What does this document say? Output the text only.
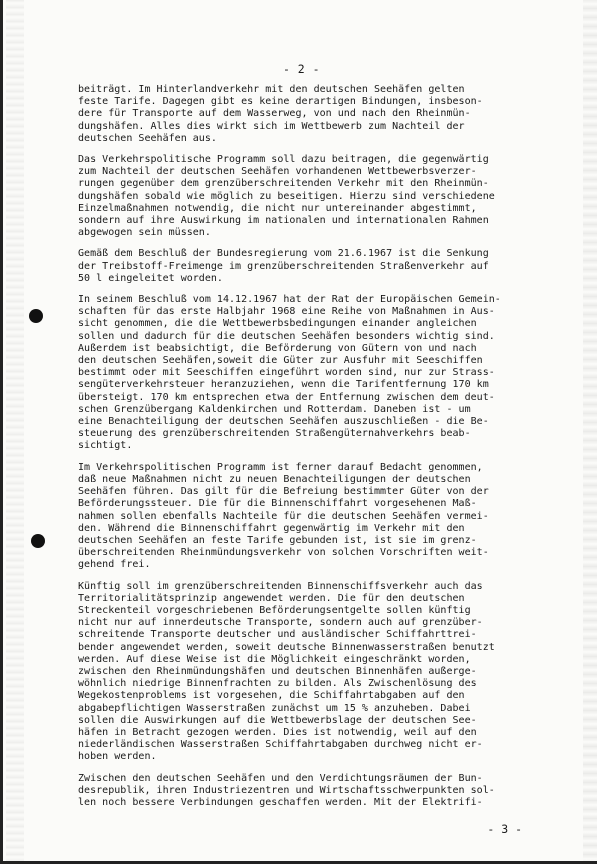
- 2 -

beiträgt. Im Hinterlandverkehr mit den deutschen Seehäfen gelten
feste Tarife. Dagegen gibt es keine derartigen Bindungen, insbeson-
dere für Transporte auf dem Wasserweg, von und nach den Rheinmün-
dungshäfen. Alles dies wirkt sich im Wettbewerb zum Nachteil der
deutschen Seehäfen aus.

Das Verkehrspolitische Programm soll dazu beitragen, die gegenwärtig
zum Nachteil der deutschen Seehäfen vorhandenen Wettbewerbsverzer-
rungen gegenüber dem grenzüberschreitenden Verkehr mit den Rheinmün-
dungshäfen sobald wie möglich zu beseitigen. Hierzu sind verschiedene
Einzelmaßnahmen notwendig, die nicht nur untereinander abgestimmt,
sondern auf ihre Auswirkung im nationalen und internationalen Rahmen
abgewogen sein müssen.

Gemäß dem Beschluß der Bundesregierung vom 21.6.1967 ist die Senkung
der Treibstoff-Freimenge im grenzüberschreitenden Straßenverkehr auf
50 l eingeleitet worden.

In seinem Beschluß vom 14.12.1967 hat der Rat der Europäischen Gemein-
schaften für das erste Halbjahr 1968 eine Reihe von Maßnahmen in Aus-
sicht genommen, die die Wettbewerbsbedingungen einander angleichen
sollen und dadurch für die deutschen Seehäfen besonders wichtig sind.
Außerdem ist beabsichtigt, die Beförderung von Gütern von und nach
den deutschen Seehäfen,soweit die Güter zur Ausfuhr mit Seeschiffen
bestimmt oder mit Seeschiffen eingeführt worden sind, nur zur Strass-
sengüterverkehrsteuer heranzuziehen, wenn die Tarifentfernung 170 km
übersteigt. 170 km entsprechen etwa der Entfernung zwischen dem deut-
schen Grenzübergang Kaldenkirchen und Rotterdam. Daneben ist - um
eine Benachteiligung der deutschen Seehäfen auszuschließen - die Be-
steuerung des grenzüberschreitenden Straßengüternahverkehrs beab-
sichtigt.

Im Verkehrspolitischen Programm ist ferner darauf Bedacht genommen,
daß neue Maßnahmen nicht zu neuen Benachteiligungen der deutschen
Seehäfen führen. Das gilt für die Befreiung bestimmter Güter von der
Beförderungssteuer. Die für die Binnenschiffahrt vorgesehenen Maß-
nahmen sollen ebenfalls Nachteile für die deutschen Seehäfen vermei-
den. Während die Binnenschiffahrt gegenwärtig im Verkehr mit den
deutschen Seehäfen an feste Tarife gebunden ist, ist sie im grenz-
überschreitenden Rheinmündungsverkehr von solchen Vorschriften weit-
gehend frei.

Künftig soll im grenzüberschreitenden Binnenschiffsverkehr auch das
Territorialitätsprinzip angewendet werden. Die für den deutschen
Streckenteil vorgeschriebenen Beförderungsentgelte sollen künftig
nicht nur auf innerdeutsche Transporte, sondern auch auf grenzüber-
schreitende Transporte deutscher und ausländischer Schiffahrttrei-
bender angewendet werden, soweit deutsche Binnenwasserstraßen benutzt
werden. Auf diese Weise ist die Möglichkeit eingeschränkt worden,
zwischen den Rheinmündungshäfen und deutschen Binnenhäfen außerge-
wöhnlich niedrige Binnenfrachten zu bilden. Als Zwischenlösung des
Wegekostenproblems ist vorgesehen, die Schiffahrtabgaben auf den
abgabepflichtigen Wasserstraßen zunächst um 15 % anzuheben. Dabei
sollen die Auswirkungen auf die Wettbewerbslage der deutschen See-
häfen in Betracht gezogen werden. Dies ist notwendig, weil auf den
niederländischen Wasserstraßen Schiffahrtabgaben durchweg nicht er-
hoben werden.

Zwischen den deutschen Seehäfen und den Verdichtungsräumen der Bun-
desrepublik, ihren Industriezentren und Wirtschaftsschwerpunkten sol-
len noch bessere Verbindungen geschaffen werden. Mit der Elektrifi-

- 3 -
